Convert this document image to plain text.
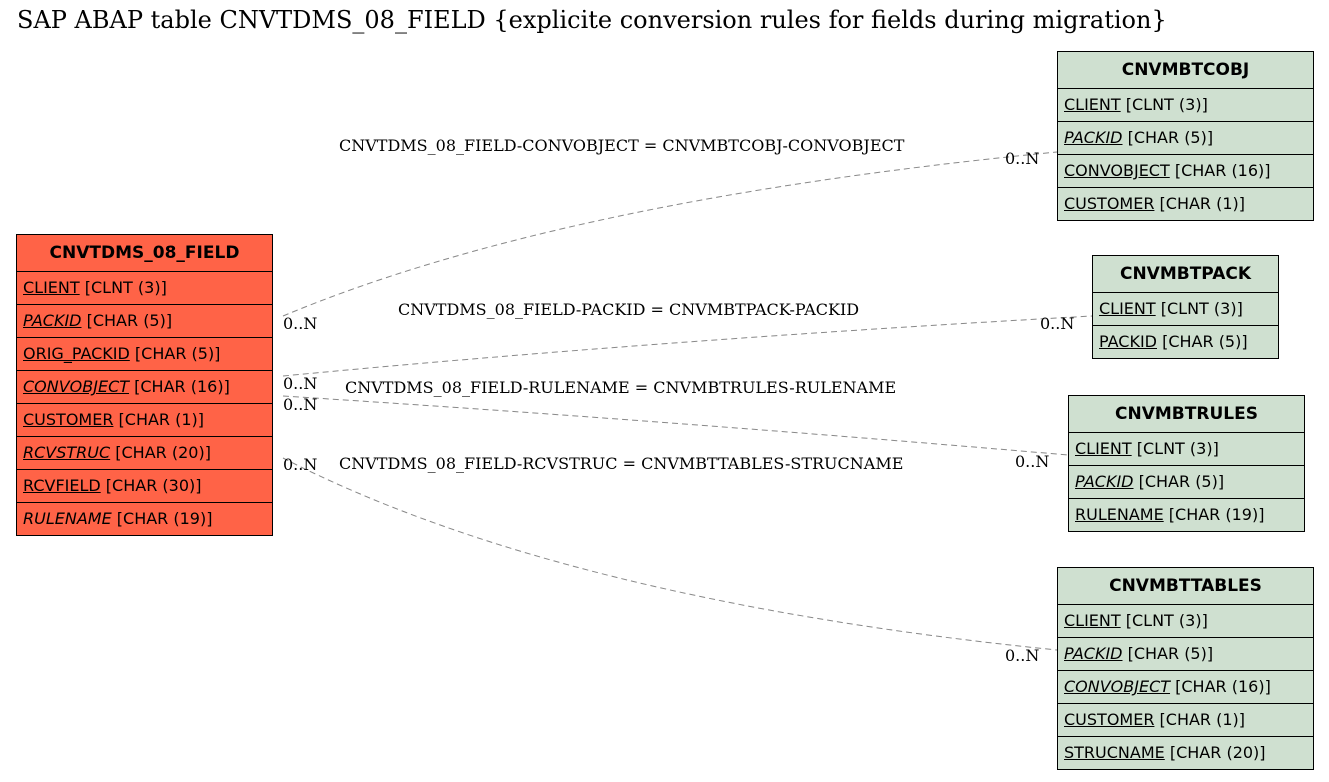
SAP ABAP table CNVTDMS_08_FIELD {explicite conversion rules for fields during migration}
CNVTDMS_08_FIELD-CONVOBJECT = CNVMBTCOBJ-CONVOBJECT
CNVTDMS_08_FIELD-PACKID = CNVMBTPACK-PACKID
CNVTDMS_08_FIELD-RULENAME = CNVMBTRULES-RULENAME
CNVTDMS_08_FIELD-RCVSTRUC = CNVMBTTABLES-STRUCNAME
0..N
0..N
0..N
0..N
0..N
0..N
0..N
0..N
CNVTDMS_08_FIELD
CLIENT [CLNT (3)]
PACKID [CHAR (5)]
ORIG_PACKID [CHAR (5)]
CONVOBJECT [CHAR (16)]
CUSTOMER [CHAR (1)]
RCVSTRUC [CHAR (20)]
RCVFIELD [CHAR (30)]
RULENAME [CHAR (19)]
CNVMBTCOBJ
CLIENT [CLNT (3)]
PACKID [CHAR (5)]
CONVOBJECT [CHAR (16)]
CUSTOMER [CHAR (1)]
CNVMBTPACK
CLIENT [CLNT (3)]
PACKID [CHAR (5)]
CNVMBTRULES
CLIENT [CLNT (3)]
PACKID [CHAR (5)]
RULENAME [CHAR (19)]
CNVMBTTABLES
CLIENT [CLNT (3)]
PACKID [CHAR (5)]
CONVOBJECT [CHAR (16)]
CUSTOMER [CHAR (1)]
STRUCNAME [CHAR (20)]
